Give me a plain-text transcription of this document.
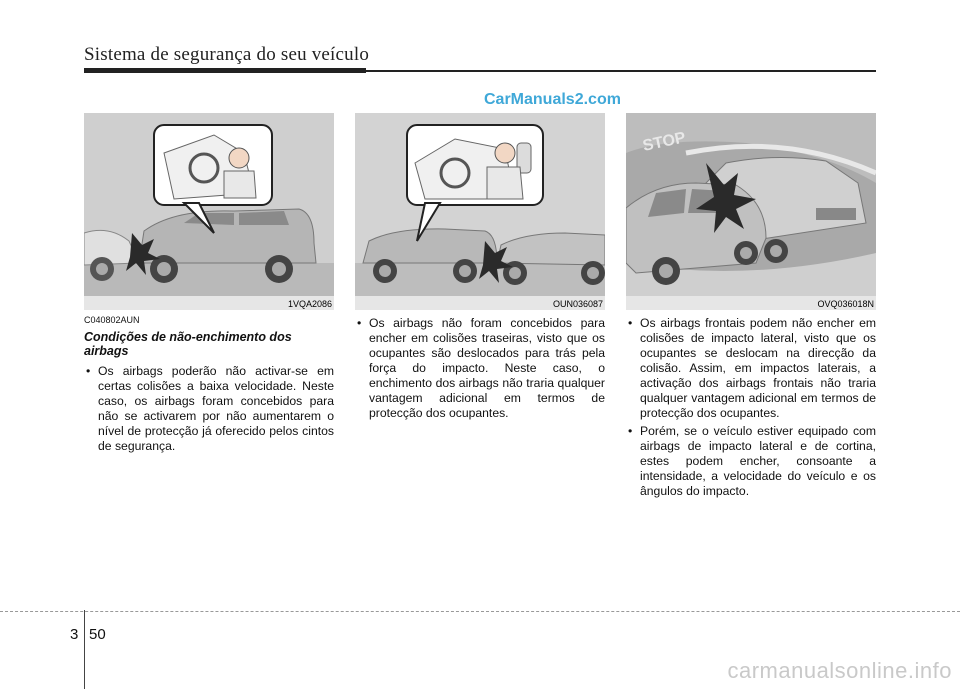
Sistema de segurança do seu veículo
CarManuals2.com
1VQA2086	OUN036087
STOP
OVQ036018N
C040802AUN
Condições de não-enchimento dos airbags
• Os airbags poderão não activar-se em certas colisões a baixa velocidade. Neste caso, os airbags foram concebidos para não se activarem por não aumentarem o nível de protecção já oferecido pelos cintos de segurança.
• Os airbags não foram concebidos para encher em colisões traseiras, visto que os ocupantes são deslocados para trás pela força do impacto. Neste caso, o enchimento dos airbags não traria qualquer vantagem adicional em termos de protecção dos ocupantes.
• Os airbags frontais podem não encher em colisões de impacto lateral, visto que os ocupantes se deslocam na direcção da colisão. Assim, em impactos laterais, a activação dos airbags frontais não traria qualquer vantagem adicional em termos de protecção dos ocupantes.
• Porém, se o veículo estiver equipado com airbags de impacto lateral e de cortina, estes podem encher, consoante a intensidade, a velocidade do veículo e os ângulos do impacto.
3 50
carmanualsonline.info
